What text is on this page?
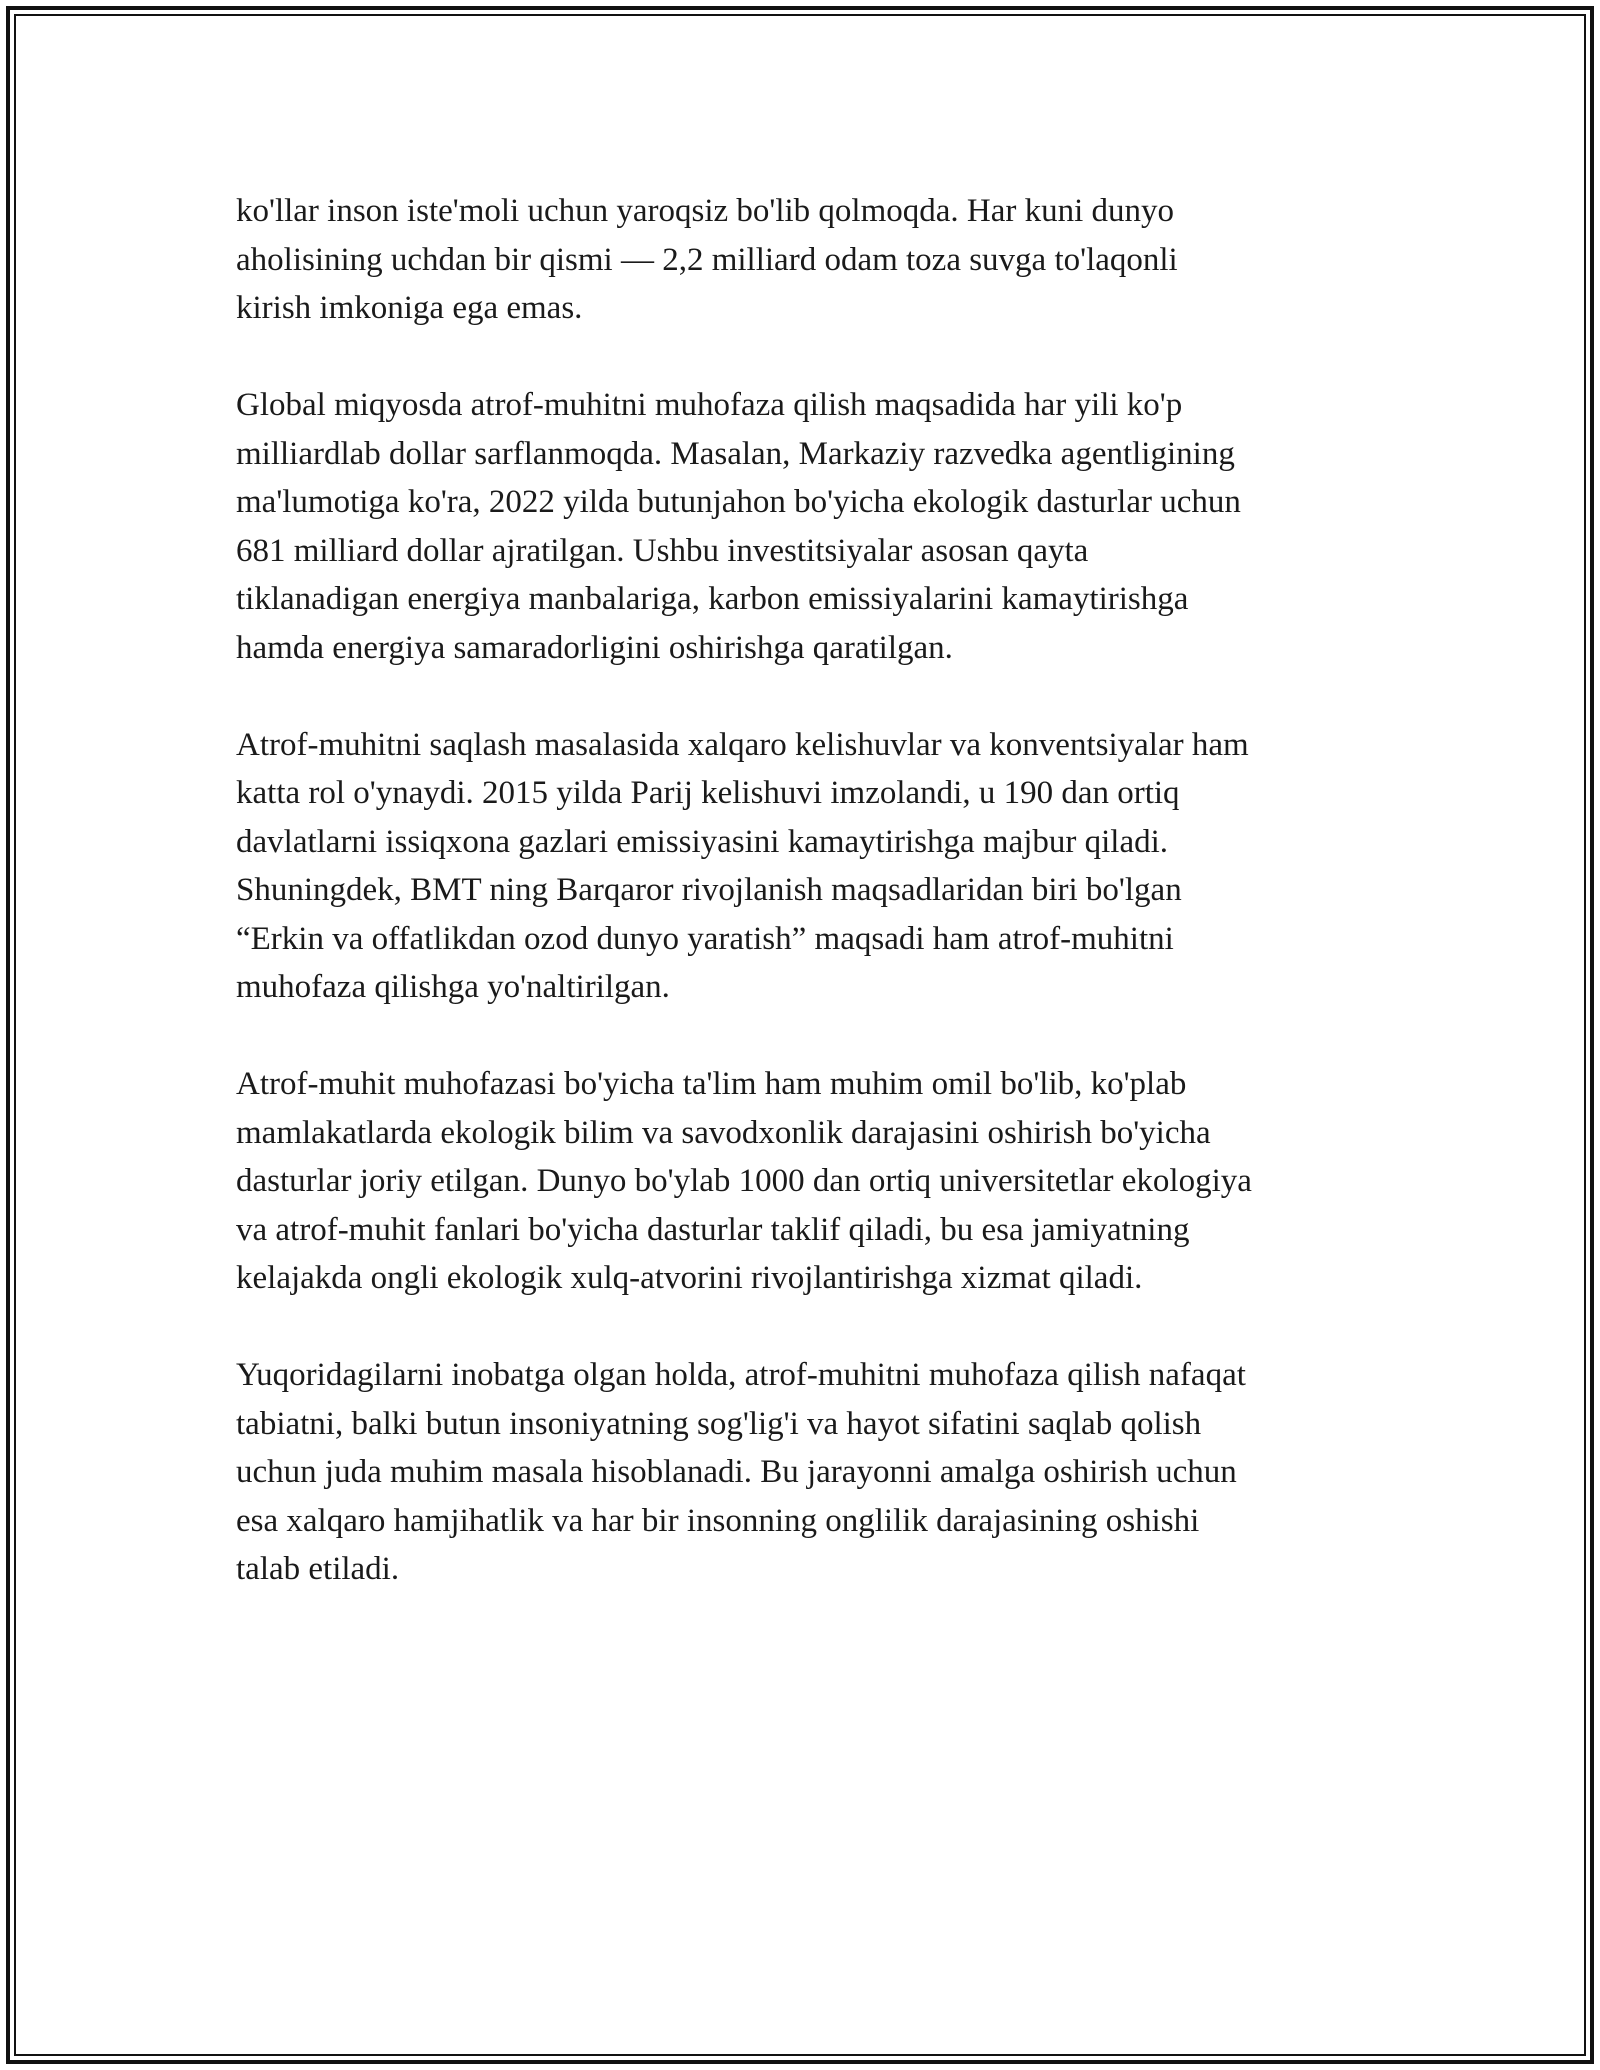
ko'llar inson iste'moli uchun yaroqsiz bo'lib qolmoqda. Har kuni dunyo
aholisining uchdan bir qismi — 2,2 milliard odam toza suvga to'laqonli
kirish imkoniga ega emas.

Global miqyosda atrof-muhitni muhofaza qilish maqsadida har yili ko'p
milliardlab dollar sarflanmoqda. Masalan, Markaziy razvedka agentligining
ma'lumotiga ko'ra, 2022 yilda butunjahon bo'yicha ekologik dasturlar uchun
681 milliard dollar ajratilgan. Ushbu investitsiyalar asosan qayta
tiklanadigan energiya manbalariga, karbon emissiyalarini kamaytirishga
hamda energiya samaradorligini oshirishga qaratilgan.

Atrof-muhitni saqlash masalasida xalqaro kelishuvlar va konventsiyalar ham
katta rol o'ynaydi. 2015 yilda Parij kelishuvi imzolandi, u 190 dan ortiq
davlatlarni issiqxona gazlari emissiyasini kamaytirishga majbur qiladi.
Shuningdek, BMT ning Barqaror rivojlanish maqsadlaridan biri bo'lgan
“Erkin va offatlikdan ozod dunyo yaratish” maqsadi ham atrof-muhitni
muhofaza qilishga yo'naltirilgan.

Atrof-muhit muhofazasi bo'yicha ta'lim ham muhim omil bo'lib, ko'plab
mamlakatlarda ekologik bilim va savodxonlik darajasini oshirish bo'yicha
dasturlar joriy etilgan. Dunyo bo'ylab 1000 dan ortiq universitetlar ekologiya
va atrof-muhit fanlari bo'yicha dasturlar taklif qiladi, bu esa jamiyatning
kelajakda ongli ekologik xulq-atvorini rivojlantirishga xizmat qiladi.

Yuqoridagilarni inobatga olgan holda, atrof-muhitni muhofaza qilish nafaqat
tabiatni, balki butun insoniyatning sog'lig'i va hayot sifatini saqlab qolish
uchun juda muhim masala hisoblanadi. Bu jarayonni amalga oshirish uchun
esa xalqaro hamjihatlik va har bir insonning onglilik darajasining oshishi
talab etiladi.
